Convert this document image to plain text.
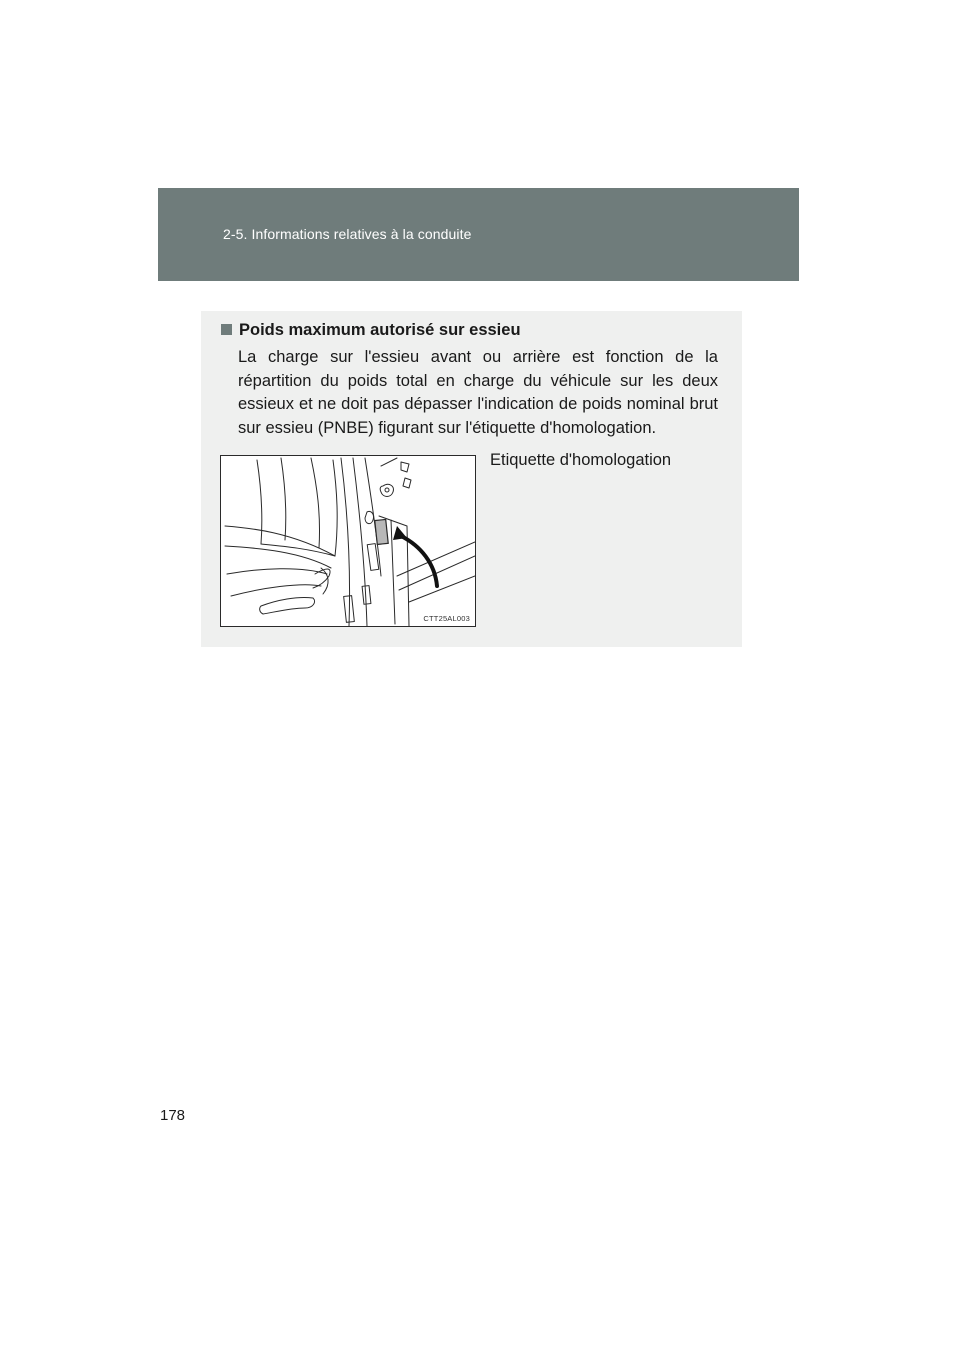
2-5. Informations relatives à la conduite
Poids maximum autorisé sur essieu
La charge sur l'essieu avant ou arrière est fonction de la répartition du poids total en charge du véhicule sur les deux essieux et ne doit pas dépasser l'indication de poids nominal brut sur essieu (PNBE) figurant sur l'étiquette d'homologation.
CTT25AL003
Etiquette d'homologation
178
